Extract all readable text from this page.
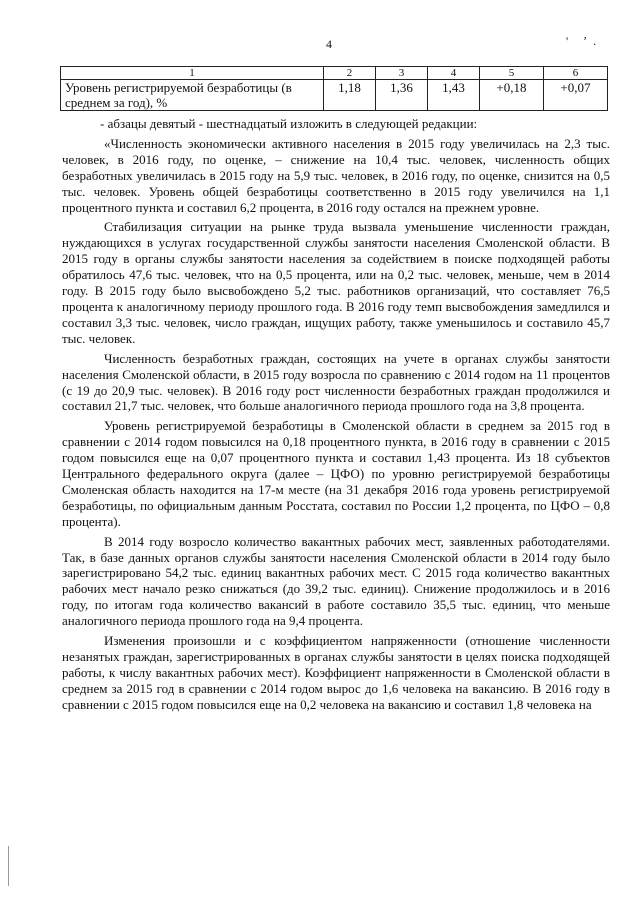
4	' ʼ.
1	2	3	4	5	6
Уровень регистрируемой безработицы (в среднем за год), %	1,18	1,36	1,43	+0,18	+0,07

- абзацы девятый - шестнадцатый изложить в следующей редакции:

«Численность экономически активного населения в 2015 году увеличилась на 2,3 тыс. человек, в 2016 году, по оценке, – снижение на 10,4 тыс. человек, численность общих безработных увеличилась в 2015 году на 5,9 тыс. человек, в 2016 году, по оценке, снизится на 0,5 тыс. человек. Уровень общей безработицы соответственно в 2015 году увеличился на 1,1 процентного пункта и составил 6,2 процента, в 2016 году остался на прежнем уровне.

Стабилизация ситуации на рынке труда вызвала уменьшение численности граждан, нуждающихся в услугах государственной службы занятости населения Смоленской области. В 2015 году в органы службы занятости населения за содействием в поиске подходящей работы обратилось 47,6 тыс. человек, что на 0,5 процента, или на 0,2 тыс. человек, меньше, чем в 2014 году. В 2015 году было высвобождено 5,2 тыс. работников организаций, что составляет 76,5 процента к аналогичному периоду прошлого года. В 2016 году темп высвобождения замедлился и составил 3,3 тыс. человек, число граждан, ищущих работу, также уменьшилось и составило 45,7 тыс. человек.

Численность безработных граждан, состоящих на учете в органах службы занятости населения Смоленской области, в 2015 году возросла по сравнению с 2014 годом на 11 процентов (с 19 до 20,9 тыс. человек). В 2016 году рост численности безработных граждан продолжился и составил 21,7 тыс. человек, что больше аналогичного периода прошлого года на 3,8 процента.

Уровень регистрируемой безработицы в Смоленской области в среднем за 2015 год в сравнении с 2014 годом повысился на 0,18 процентного пункта, в 2016 году в сравнении с 2015 годом повысился еще на 0,07 процентного пункта и составил 1,43 процента. Из 18 субъектов Центрального федерального округа (далее – ЦФО) по уровню регистрируемой безработицы Смоленская область находится на 17-м месте (на 31 декабря 2016 года уровень регистрируемой безработицы, по официальным данным Росстата, составил по России 1,2 процента, по ЦФО – 0,8 процента).

В 2014 году возросло количество вакантных рабочих мест, заявленных работодателями. Так, в базе данных органов службы занятости населения Смоленской области в 2014 году было зарегистрировано 54,2 тыс. единиц вакантных рабочих мест. С 2015 года количество вакантных рабочих мест начало резко снижаться (до 39,2 тыс. единиц). Снижение продолжилось и в 2016 году, по итогам года количество вакансий в работе составило 35,5 тыс. единиц, что меньше аналогичного периода прошлого года на 9,4 процента.

Изменения произошли и с коэффициентом напряженности (отношение численности незанятых граждан, зарегистрированных в органах службы занятости в целях поиска подходящей работы, к числу вакантных рабочих мест). Коэффициент напряженности в Смоленской области в среднем за 2015 год в сравнении с 2014 годом вырос до 1,6 человека на вакансию. В 2016 году в сравнении с 2015 годом повысился еще на 0,2 человека на вакансию и составил 1,8 человека на
